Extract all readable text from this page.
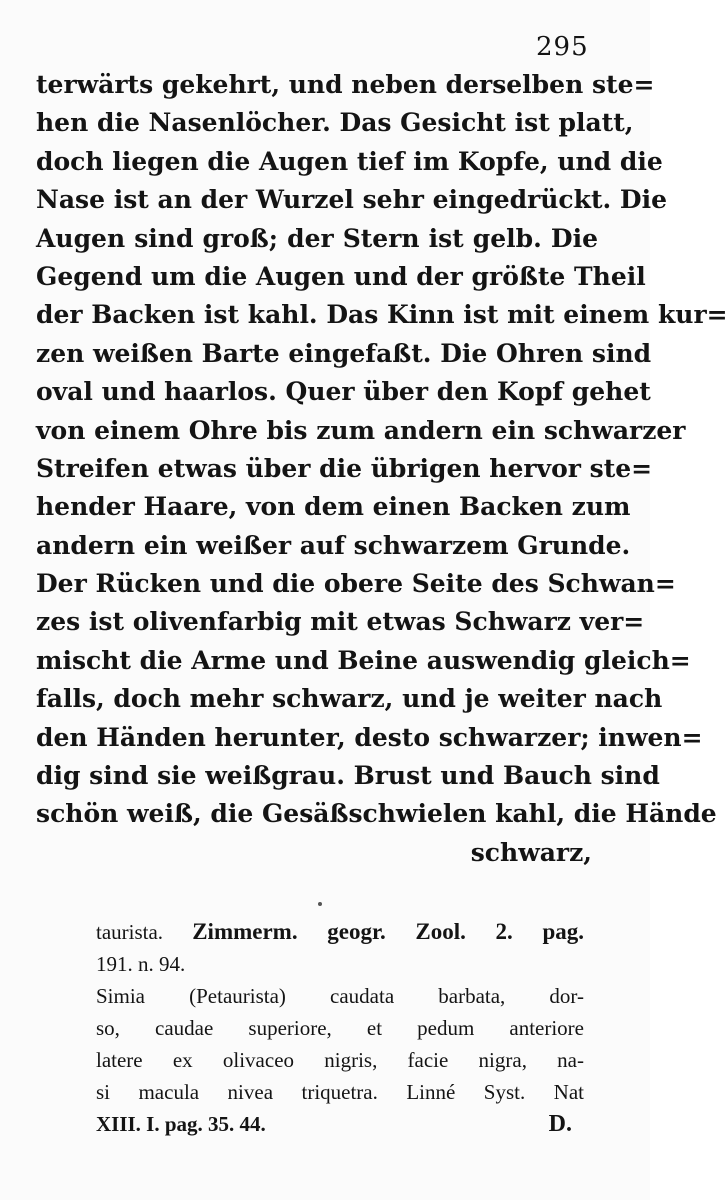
295
terwärts gekehrt, und neben derselben ste=
hen die Nasenlöcher. Das Gesicht ist platt,
doch liegen die Augen tief im Kopfe, und die
Nase ist an der Wurzel sehr eingedrückt. Die
Augen sind groß; der Stern ist gelb. Die
Gegend um die Augen und der größte Theil
der Backen ist kahl. Das Kinn ist mit einem kur=
zen weißen Barte eingefaßt. Die Ohren sind
oval und haarlos. Quer über den Kopf gehet
von einem Ohre bis zum andern ein schwarzer
Streifen etwas über die übrigen hervor ste=
hender Haare, von dem einen Backen zum
andern ein weißer auf schwarzem Grunde.
Der Rücken und die obere Seite des Schwan=
zes ist olivenfarbig mit etwas Schwarz ver=
mischt die Arme und Beine auswendig gleich=
falls, doch mehr schwarz, und je weiter nach
den Händen herunter, desto schwarzer; inwen=
dig sind sie weißgrau. Brust und Bauch sind
schön weiß, die Gesäßschwielen kahl, die Hände
schwarz,
taurista. Zimmerm. geogr. Zool. 2. pag.
191. n. 94.
Simia (Petaurista) caudata barbata, dor-
so, caudae superiore, et pedum anteriore
latere ex olivaceo nigris, facie nigra, na-
si macula nivea triquetra. Linné Syst. Nat
XIII. I. pag. 35. 44.	D.
